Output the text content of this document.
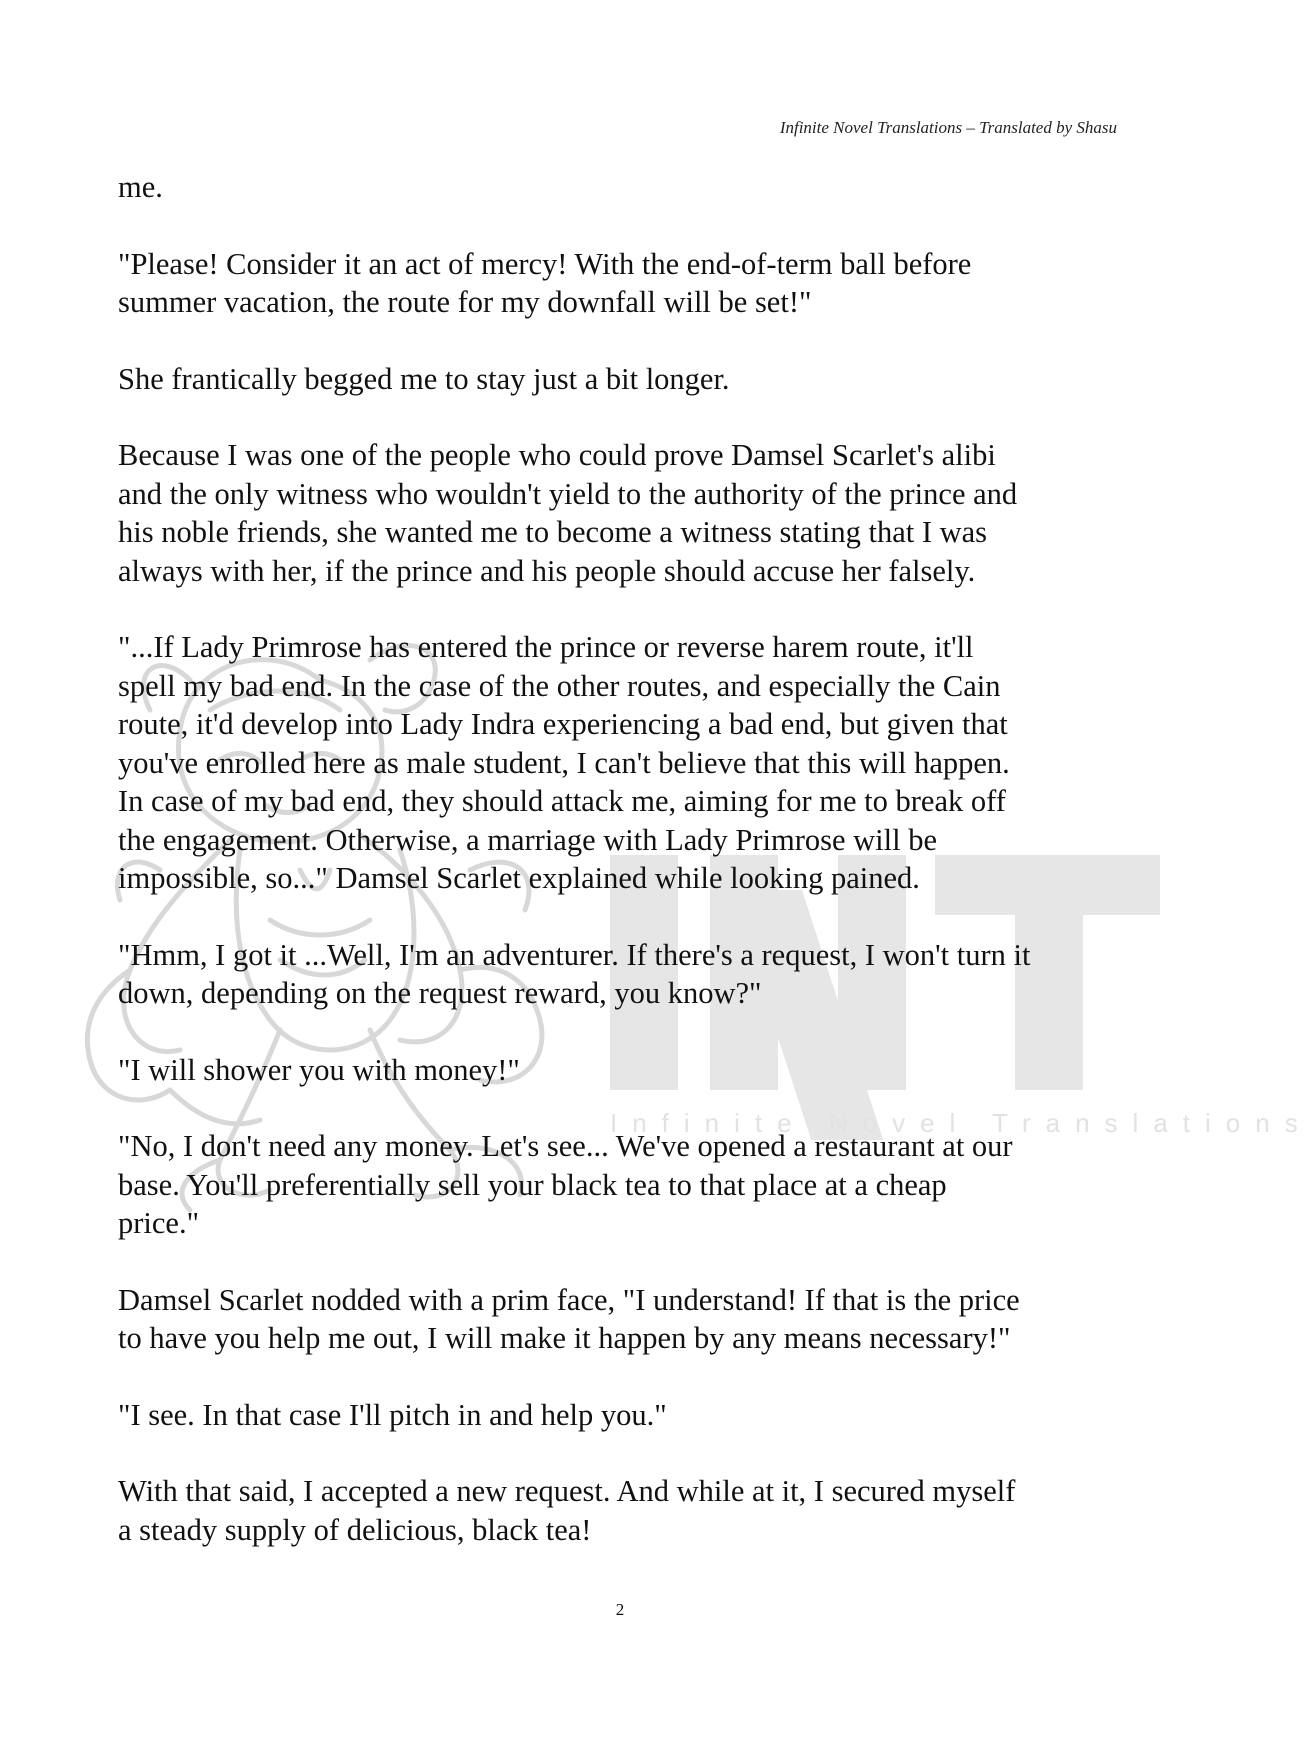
Infinite Novel Translations – Translated by Shasu
Infinite Novel Translations

me.

"Please! Consider it an act of mercy! With the end-of-term ball before
summer vacation, the route for my downfall will be set!"

She frantically begged me to stay just a bit longer.

Because I was one of the people who could prove Damsel Scarlet's alibi
and the only witness who wouldn't yield to the authority of the prince and
his noble friends, she wanted me to become a witness stating that I was
always with her, if the prince and his people should accuse her falsely.

"...If Lady Primrose has entered the prince or reverse harem route, it'll
spell my bad end. In the case of the other routes, and especially the Cain
route, it'd develop into Lady Indra experiencing a bad end, but given that
you've enrolled here as male student, I can't believe that this will happen.
In case of my bad end, they should attack me, aiming for me to break off
the engagement. Otherwise, a marriage with Lady Primrose will be
impossible, so..." Damsel Scarlet explained while looking pained.

"Hmm, I got it ...Well, I'm an adventurer. If there's a request, I won't turn it
down, depending on the request reward, you know?"

"I will shower you with money!"

"No, I don't need any money. Let's see... We've opened a restaurant at our
base. You'll preferentially sell your black tea to that place at a cheap
price."

Damsel Scarlet nodded with a prim face, "I understand! If that is the price
to have you help me out, I will make it happen by any means necessary!"

"I see. In that case I'll pitch in and help you."

With that said, I accepted a new request. And while at it, I secured myself
a steady supply of delicious, black tea!

2
